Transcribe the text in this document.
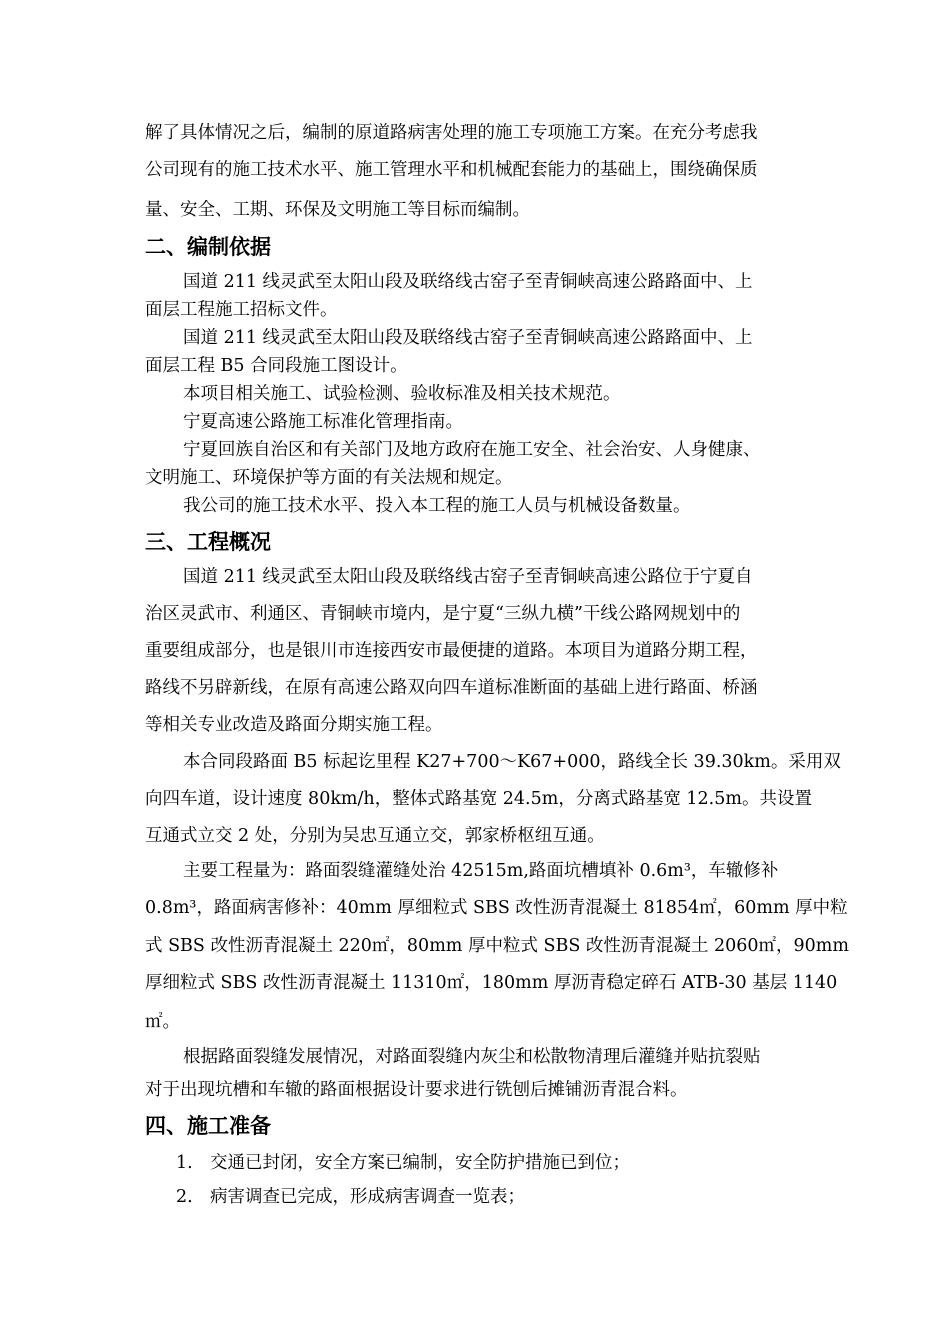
解了具体情况之后，编制的原道路病害处理的施工专项施工方案。在充分考虑我
公司现有的施工技术水平、施工管理水平和机械配套能力的基础上，围绕确保质
量、安全、工期、环保及文明施工等目标而编制。
二、编制依据
国道 211 线灵武至太阳山段及联络线古窑子至青铜峡高速公路路面中、上
面层工程施工招标文件。
国道 211 线灵武至太阳山段及联络线古窑子至青铜峡高速公路路面中、上
面层工程 B5 合同段施工图设计。
本项目相关施工、试验检测、验收标准及相关技术规范。
宁夏高速公路施工标准化管理指南。
宁夏回族自治区和有关部门及地方政府在施工安全、社会治安、人身健康、
文明施工、环境保护等方面的有关法规和规定。
我公司的施工技术水平、投入本工程的施工人员与机械设备数量。
三、工程概况
国道 211 线灵武至太阳山段及联络线古窑子至青铜峡高速公路位于宁夏自
治区灵武市、利通区、青铜峡市境内，是宁夏“三纵九横”干线公路网规划中的
重要组成部分，也是银川市连接西安市最便捷的道路。本项目为道路分期工程，
路线不另辟新线，在原有高速公路双向四车道标准断面的基础上进行路面、桥涵
等相关专业改造及路面分期实施工程。
本合同段路面 B5 标起讫里程 K27+700～K67+000，路线全长 39.30km。采用双
向四车道，设计速度 80km/h，整体式路基宽 24.5m，分离式路基宽 12.5m。共设置
互通式立交 2 处，分别为吴忠互通立交，郭家桥枢纽互通。
主要工程量为：路面裂缝灌缝处治 42515m,路面坑槽填补 0.6m³，车辙修补
0.8m³，路面病害修补：40mm 厚细粒式 SBS 改性沥青混凝土 81854㎡，60mm 厚中粒
式 SBS 改性沥青混凝土 220㎡，80mm 厚中粒式 SBS 改性沥青混凝土 2060㎡，90mm
厚细粒式 SBS 改性沥青混凝土 11310㎡，180mm 厚沥青稳定碎石 ATB-30 基层 1140
㎡。
根据路面裂缝发展情况，对路面裂缝内灰尘和松散物清理后灌缝并贴抗裂贴
对于出现坑槽和车辙的路面根据设计要求进行铣刨后摊铺沥青混合料。
四、施工准备
1. 交通已封闭，安全方案已编制，安全防护措施已到位；
2. 病害调查已完成，形成病害调查一览表；
